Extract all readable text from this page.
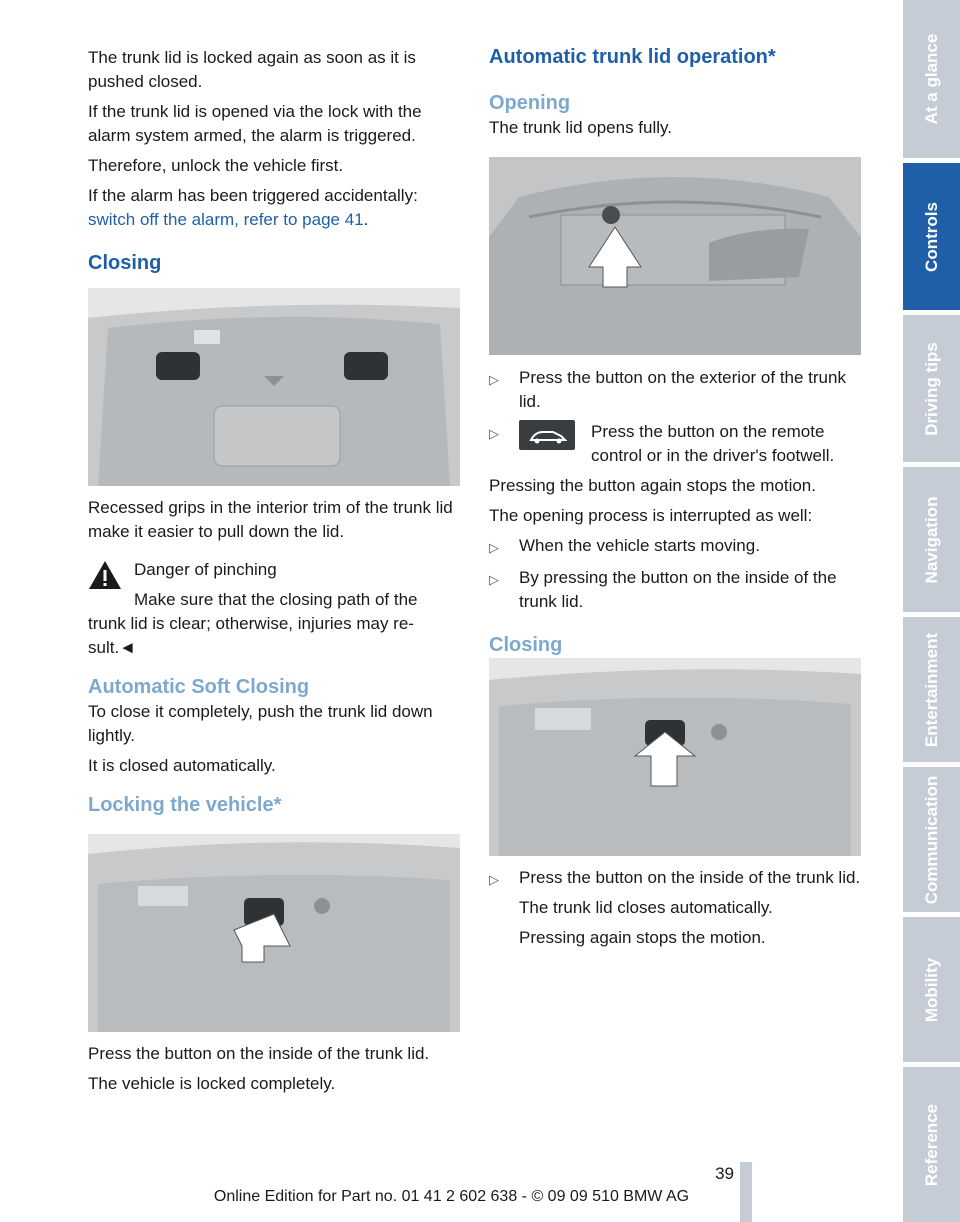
The trunk lid is locked again as soon as it is pushed closed.

If the trunk lid is opened via the lock with the alarm system armed, the alarm is triggered.

Therefore, unlock the vehicle first.

If the alarm has been triggered accidentally:
switch off the alarm, refer to page 41.

Closing

Recessed grips in the interior trim of the trunk lid make it easier to pull down the lid.

Danger of pinching
Make sure that the closing path of the trunk lid is clear; otherwise, injuries may re-sult.◄
Automatic Soft Closing

To close it completely, push the trunk lid down lightly.

It is closed automatically.

Locking the vehicle*

Press the button on the inside of the trunk lid.

The vehicle is locked completely.

Automatic trunk lid operation*
Opening

The trunk lid opens fully.

▷	Press the button on the exterior of the trunk lid.
▷	Press the button on the remote control or in the driver's footwell.

Pressing the button again stops the motion.

The opening process is interrupted as well:

▷	When the vehicle starts moving.
▷	By pressing the button on the inside of the trunk lid.
Closing
▷	Press the button on the inside of the trunk lid.
The trunk lid closes automatically.
Pressing again stops the motion.
At a glance
Controls
Driving tips
Navigation
Entertainment
Communication
Mobility
Reference
39
Online Edition for Part no. 01 41 2 602 638 - © 09 09 510 BMW AG
